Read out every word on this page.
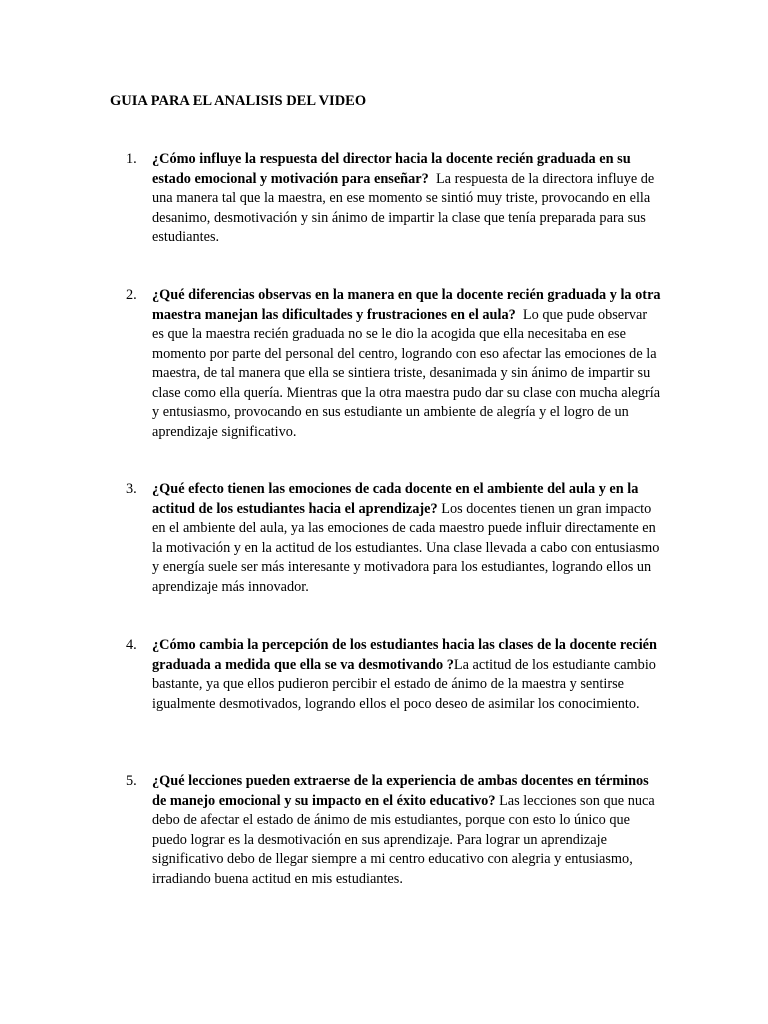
GUIA PARA EL ANALISIS DEL VIDEO
1.	¿Cómo influye la respuesta del director hacia la docente recién graduada en su estado emocional y motivación para enseñar? La respuesta de la directora influye de una manera tal que la maestra, en ese momento se sintió muy triste, provocando en ella desanimo, desmotivación y sin ánimo de impartir la clase que tenía preparada para sus estudiantes.
2.	¿Qué diferencias observas en la manera en que la docente recién graduada y la otra maestra manejan las dificultades y frustraciones en el aula? Lo que pude observar es que la maestra recién graduada no se le dio la acogida que ella necesitaba en ese momento por parte del personal del centro, logrando con eso afectar las emociones de la maestra, de tal manera que ella se sintiera triste, desanimada y sin ánimo de impartir su clase como ella quería. Mientras que la otra maestra pudo dar su clase con mucha alegría y entusiasmo, provocando en sus estudiante un ambiente de alegría y el logro de un aprendizaje significativo.
3.	¿Qué efecto tienen las emociones de cada docente en el ambiente del aula y en la actitud de los estudiantes hacia el aprendizaje? Los docentes tienen un gran impacto en el ambiente del aula, ya las emociones de cada maestro puede influir directamente en la motivación y en la actitud de los estudiantes. Una clase llevada a cabo con entusiasmo y energía suele ser más interesante y motivadora para los estudiantes, logrando ellos un aprendizaje más innovador.
4.	¿Cómo cambia la percepción de los estudiantes hacia las clases de la docente recién graduada a medida que ella se va desmotivando ?La actitud de los estudiante cambio bastante, ya que ellos pudieron percibir el estado de ánimo de la maestra y sentirse igualmente desmotivados, logrando ellos el poco deseo de asimilar los conocimiento.
5.	¿Qué lecciones pueden extraerse de la experiencia de ambas docentes en términos de manejo emocional y su impacto en el éxito educativo? Las lecciones son que nuca debo de afectar el estado de ánimo de mis estudiantes, porque con esto lo único que puedo lograr es la desmotivación en sus aprendizaje. Para lograr un aprendizaje significativo debo de llegar siempre a mi centro educativo con alegria y entusiasmo, irradiando buena actitud en mis estudiantes.
